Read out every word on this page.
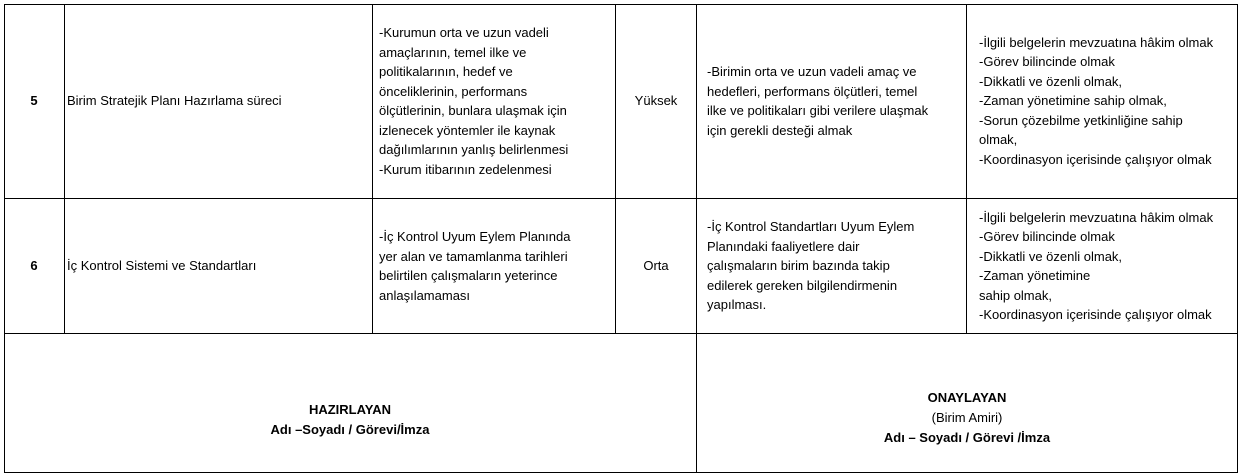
5 Birim Stratejik Planı Hazırlama süreci
-Kurumun orta ve uzun vadeli
amaçlarının, temel ilke ve
politikalarının, hedef ve
önceliklerinin, performans
ölçütlerinin, bunlara ulaşmak için
izlenecek yöntemler ile kaynak
dağılımlarının yanlış belirlenmesi
-Kurum itibarının zedelenmesi
Yüksek
-Birimin orta ve uzun vadeli amaç ve
hedefleri, performans ölçütleri, temel
ilke ve politikaları gibi verilere ulaşmak
için gerekli desteği almak
-İlgili belgelerin mevzuatına hâkim olmak
-Görev bilincinde olmak
-Dikkatli ve özenli olmak,
-Zaman yönetimine sahip olmak,
-Sorun çözebilme yetkinliğine sahip
olmak,
-Koordinasyon içerisinde çalışıyor olmak
6 İç Kontrol Sistemi ve Standartları
-İç Kontrol Uyum Eylem Planında
yer alan ve tamamlanma tarihleri
belirtilen çalışmaların yeterince
anlaşılamaması
Orta
-İç Kontrol Standartları Uyum Eylem
Planındaki faaliyetlere dair
çalışmaların birim bazında takip
edilerek gereken bilgilendirmenin
yapılması.
-İlgili belgelerin mevzuatına hâkim olmak
-Görev bilincinde olmak
-Dikkatli ve özenli olmak,
-Zaman yönetimine
sahip olmak,
-Koordinasyon içerisinde çalışıyor olmak
HAZIRLAYAN
Adı –Soyadı / Görevi/İmza
ONAYLAYAN
(Birim Amiri)
Adı – Soyadı / Görevi /İmza
